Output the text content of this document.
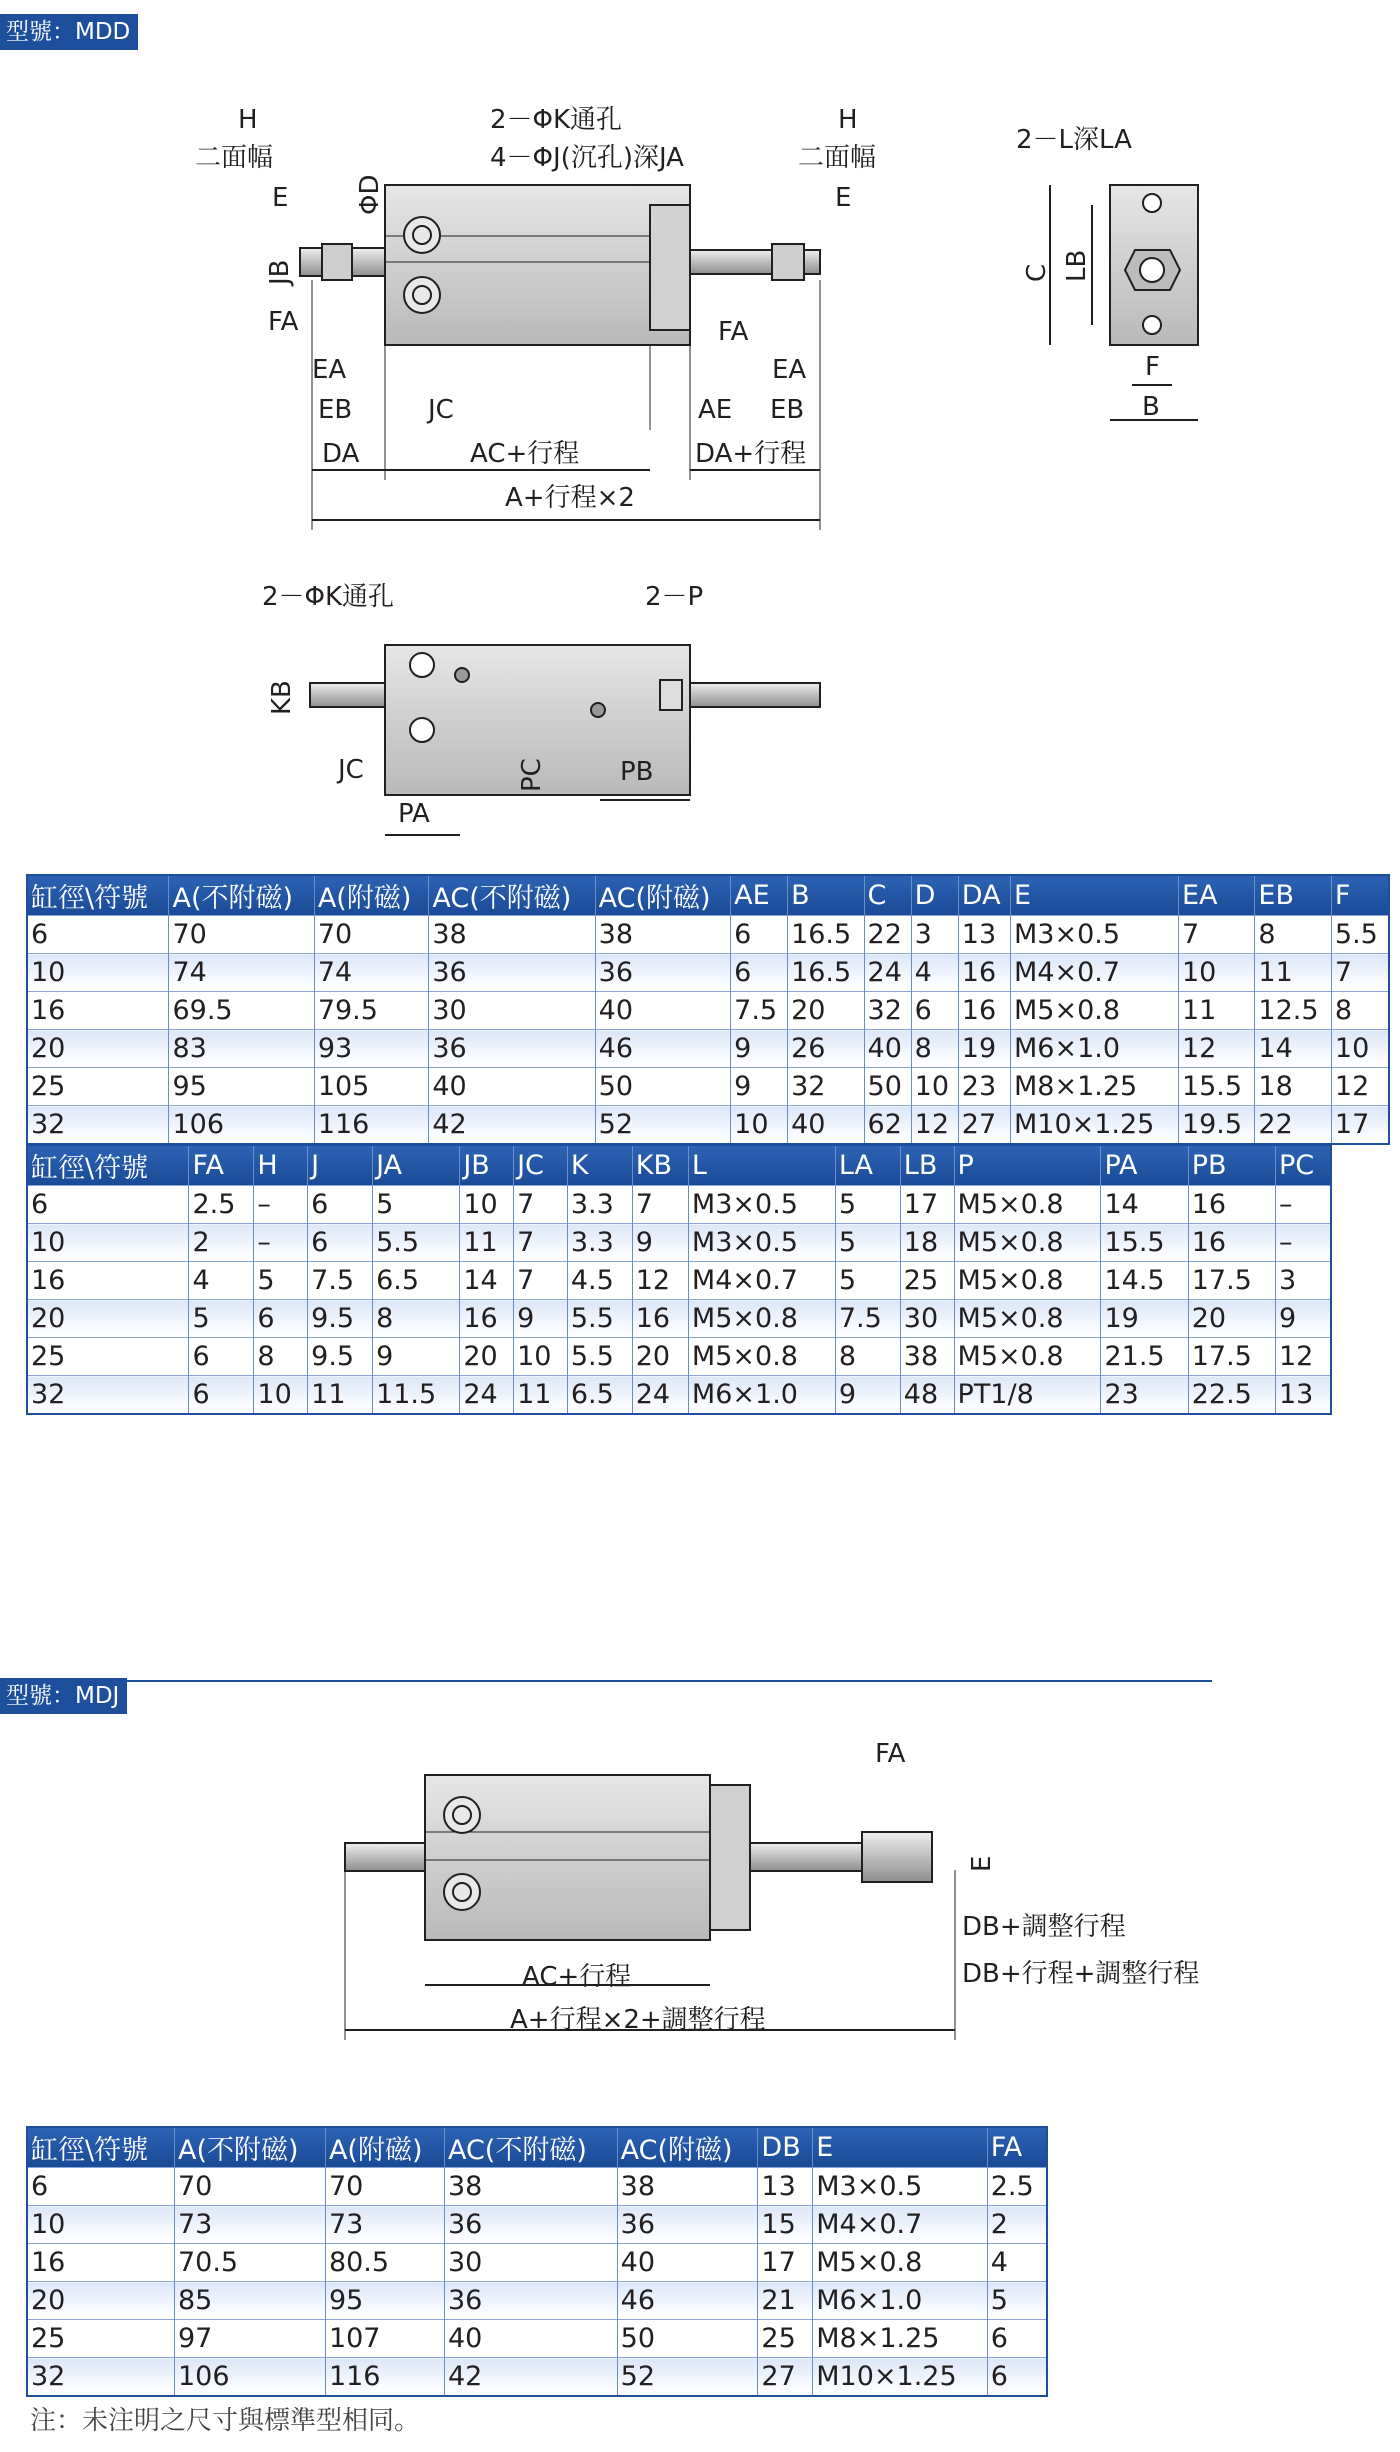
型號：MDD
型號：MDJ
H
二面幅
2－ΦK通孔
4－ΦJ(沉孔)深JA
H
二面幅
E	E
ΦD
JB
FA	FA
EA	EA
EB	JC	AE EB
DA	AC+行程	DA+行程
A+行程×2
2－L深LA
C LB
F
B
2－ΦK通孔	2－P
KB
JC	PC	PB
PA
FA
E
DB+調整行程
DB+行程+調整行程
AC+行程
A+行程×2+調整行程
缸徑\符號	A(不附磁)	A(附磁)	AC(不附磁)	AC(附磁)	AE	B	C	D	DA	E	EA	EB	F
6	70	70	38	38	6	16.5	22	3	13	M3×0.5	7	8	5.5
10	74	74	36	36	6	16.5	24	4	16	M4×0.7	10	11	7
16	69.5	79.5	30	40	7.5	20	32	6	16	M5×0.8	11	12.5	8
20	83	93	36	46	9	26	40	8	19	M6×1.0	12	14	10
25	95	105	40	50	9	32	50	10	23	M8×1.25	15.5	18	12
32	106	116	42	52	10	40	62	12	27	M10×1.25	19.5	22	17
缸徑\符號	FA	H	J	JA	JB	JC	K	KB	L	LA	LB	P	PA	PB	PC
6	2.5	–	6	5	10	7	3.3	7	M3×0.5	5	17	M5×0.8	14	16	–
10	2	–	6	5.5	11	7	3.3	9	M3×0.5	5	18	M5×0.8	15.5	16	–
16	4	5	7.5	6.5	14	7	4.5	12	M4×0.7	5	25	M5×0.8	14.5	17.5	3
20	5	6	9.5	8	16	9	5.5	16	M5×0.8	7.5	30	M5×0.8	19	20	9
25	6	8	9.5	9	20	10	5.5	20	M5×0.8	8	38	M5×0.8	21.5	17.5	12
32	6	10	11	11.5	24	11	6.5	24	M6×1.0	9	48	PT1/8	23	22.5	13
缸徑\符號	A(不附磁)	A(附磁)	AC(不附磁)	AC(附磁)	DB	E	FA
6	70	70	38	38	13	M3×0.5	2.5
10	73	73	36	36	15	M4×0.7	2
16	70.5	80.5	30	40	17	M5×0.8	4
20	85	95	36	46	21	M6×1.0	5
25	97	107	40	50	25	M8×1.25	6
32	106	116	42	52	27	M10×1.25	6
注：未注明之尺寸與標準型相同。
